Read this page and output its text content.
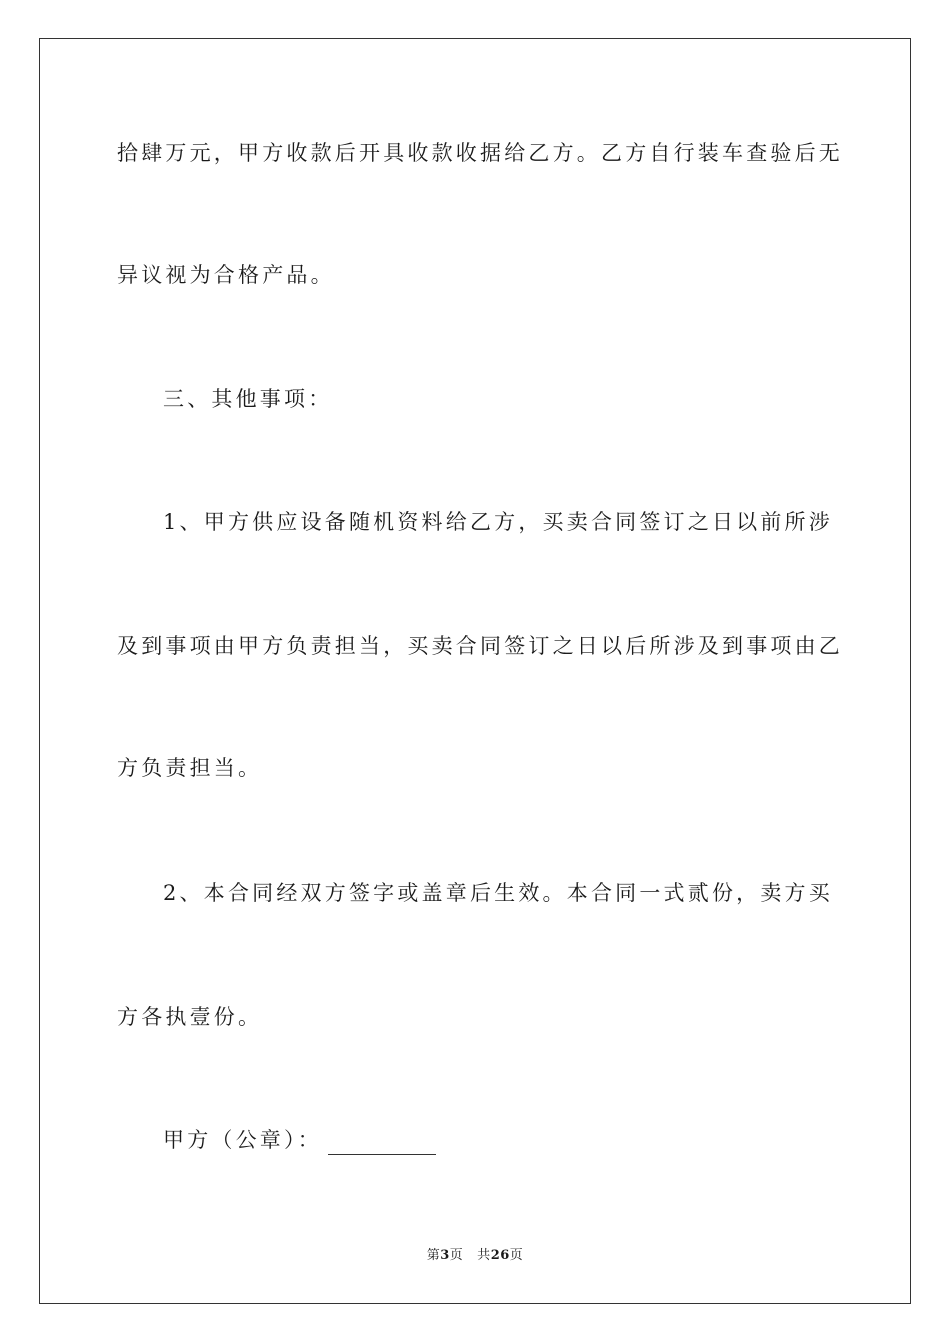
拾肆万元，甲方收款后开具收款收据给乙方。乙方自行装车查验后无
异议视为合格产品。
三、其他事项：
1、甲方供应设备随机资料给乙方，买卖合同签订之日以前所涉
及到事项由甲方负责担当，买卖合同签订之日以后所涉及到事项由乙
方负责担当。
2、本合同经双方签字或盖章后生效。本合同一式贰份，卖方买
方各执壹份。
甲方（公章）：
第3页 共26页
